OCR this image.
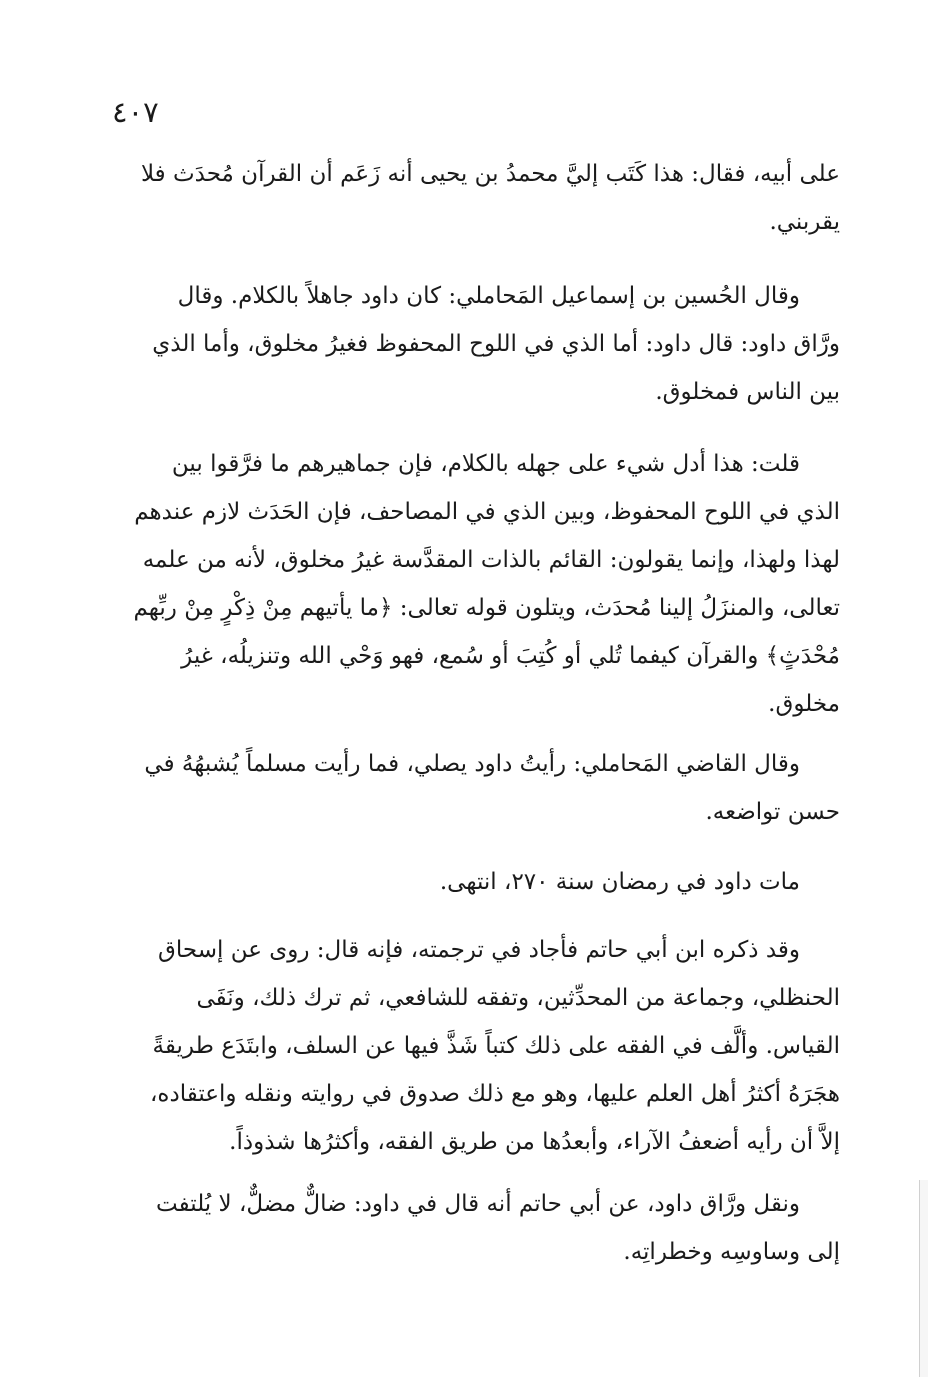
٤٠٧

على أبيه، فقال: هذا كَتَب إليَّ محمدُ بن يحيى أنه زَعَم أن القرآن مُحدَث فلا
يقربني.

وقال الحُسين بن إسماعيل المَحاملي: كان داود جاهلاً بالكلام. وقال
ورَّاق داود: قال داود: أما الذي في اللوح المحفوظ فغيرُ مخلوق، وأما الذي
بين الناس فمخلوق.

قلت: هذا أدل شيء على جهله بالكلام، فإن جماهيرهم ما فرَّقوا بين
الذي في اللوح المحفوظ، وبين الذي في المصاحف، فإن الحَدَث لازم عندهم
لهذا ولهذا، وإنما يقولون: القائم بالذات المقدَّسة غيرُ مخلوق، لأنه من علمه
تعالى، والمنزَلُ إلينا مُحدَث، ويتلون قوله تعالى: ﴿ما يأتيهم مِنْ ذِكْرٍ مِنْ ربِّهم
مُحْدَثٍ﴾ والقرآن كيفما تُلي أو كُتِبَ أو سُمع، فهو وَحْي الله وتنزيلُه، غيرُ
مخلوق.

وقال القاضي المَحاملي: رأيتُ داود يصلي، فما رأيت مسلماً يُشبهُهُ في
حسن تواضعه.

مات داود في رمضان سنة ٢٧٠، انتهى.

وقد ذكره ابن أبي حاتم فأجاد في ترجمته، فإنه قال: روى عن إسحاق
الحنظلي، وجماعة من المحدِّثين، وتفقه للشافعي، ثم ترك ذلك، ونَفَى
القياس. وألَّف في الفقه على ذلك كتباً شَذَّ فيها عن السلف، وابتَدَع طريقةً
هجَرَهُ أكثرُ أهل العلم عليها، وهو مع ذلك صدوق في روايته ونقله واعتقاده،
إلاَّ أن رأيه أضعفُ الآراء، وأبعدُها من طريق الفقه، وأكثرُها شذوذاً.

ونقل ورَّاق داود، عن أبي حاتم أنه قال في داود: ضالٌّ مضلٌّ، لا يُلتفت
إلى وساوسِه وخطراتِه.
